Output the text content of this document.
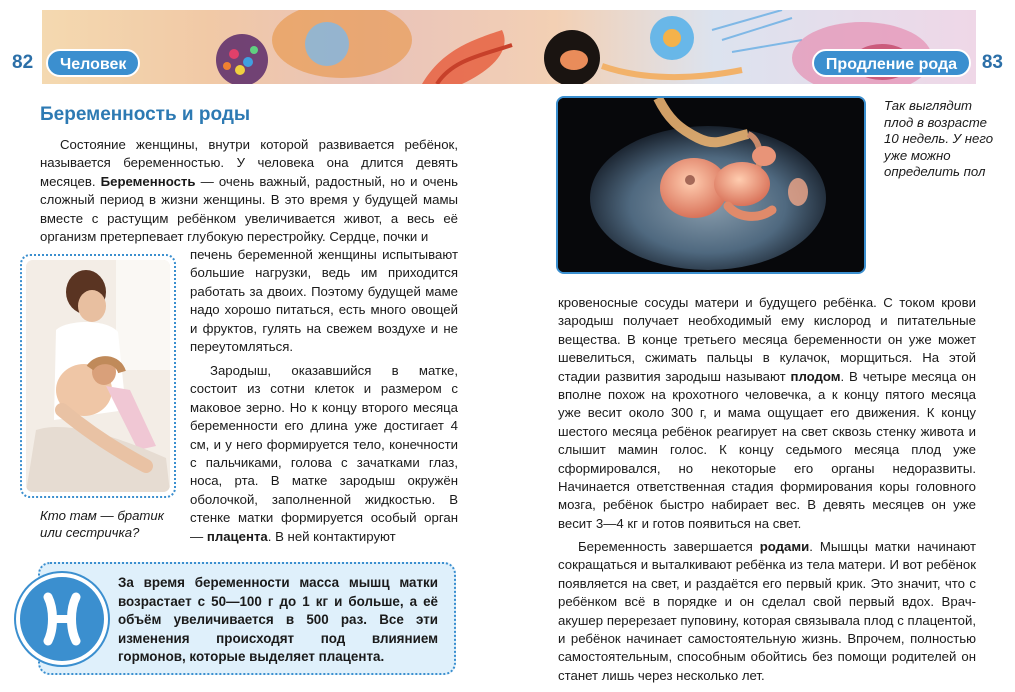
82	Человек	Продление рода	83
Беременность и роды

Состояние женщины, внутри которой развивается ребёнок, называется беременностью. У человека она длится девять месяцев. Беременность — очень важный, радостный, но и очень сложный период в жизни женщины. В это время у будущей мамы вместе с растущим ребёнком увеличивается живот, а весь её организм претерпевает глубокую перестройку. Сердце, почки и

печень беременной женщины испытывают большие нагрузки, ведь им приходится работать за двоих. Поэтому будущей маме надо хорошо питаться, есть много овощей и фруктов, гулять на свежем воздухе и не переутомляться.

Зародыш, оказавшийся в матке, состоит из сотни клеток и размером с маковое зерно. Но к концу второго месяца беременности его длина уже достигает 4 см, и у него формируется тело, конечности с пальчиками, голова с зачатками глаз, носа, рта. В матке зародыш окружён оболочкой, заполненной жидкостью. В стенке матки формируется особый орган — плацента. В ней контактируют

Кто там — братик или сестричка?
Так выглядит плод в возрасте 10 недель. У него уже можно определить пол

кровеносные сосуды матери и будущего ребёнка. С током крови зародыш получает необходимый ему кислород и питательные вещества. В конце третьего месяца беременности он уже может шевелиться, сжимать пальцы в кулачок, морщиться. На этой стадии развития зародыш называют плодом. В четыре месяца он вполне похож на крохотного человечка, а к концу пятого месяца уже весит около 300 г, и мама ощущает его движения. К концу шестого месяца ребёнок реагирует на свет сквозь стенку живота и слышит мамин голос. К концу седьмого месяца плод уже сформировался, но некоторые его органы недоразвиты. Начинается ответственная стадия формирования коры головного мозга, ребёнок быстро набирает вес. В девять месяцев он уже весит 3—4 кг и готов появиться на свет.

Беременность завершается родами. Мышцы матки начинают сокращаться и выталкивают ребёнка из тела матери. И вот ребёнок появляется на свет, и раздаётся его первый крик. Это значит, что с ребёнком всё в порядке и он сделал свой первый вдох. Врач-акушер перерезает пуповину, которая связывала плод с плацентой, и ребёнок начинает самостоятельную жизнь. Впрочем, полностью самостоятельным, способным обойтись без помощи родителей он станет лишь через несколько лет.

За время беременности масса мышц матки возрастает с 50—100 г до 1 кг и больше, а её объём увеличивается в 500 раз. Все эти изменения происходят под влиянием гормонов, которые выделяет плацента.
